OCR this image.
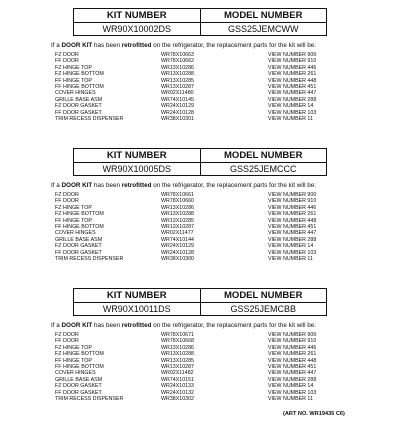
KIT NUMBER	MODEL NUMBER
WR90X10002DS	GSS25JEMCWW
If a DOOR KIT has been retrofitted on the refrigerator, the replacement parts for the kit will be:
FZ DOOR	WR78X10663	VIEW NUMBER 900
FF DOOR	WR78X10662	VIEW NUMBER 910
FZ HINGE TOP	WR13X10286	VIEW NUMBER 446
FZ HINGE BOTTOM	WR13X10288	VIEW NUMBER 261
FF HINGE TOP	WR13X10285	VIEW NUMBER 448
FF HINGE BOTTOM	WR13X10287	VIEW NUMBER 451
COVER HINGES	WR02X11480	VIEW NUMBER 447
GRILLE BASE ASM	WR74X10145	VIEW NUMBER 288
FZ DOOR GASKET	WR24X10129	VIEW NUMBER 14
FF DOOR GASKET	WR24X10128	VIEW NUMBER 103
TRIM RECESS DISPENSER	WR38X10301	VIEW NUMBER 11
KIT NUMBER	MODEL NUMBER
WR90X10005DS	GSS25JEMCCC
If a DOOR KIT has been retrofitted on the refrigerator, the replacement parts for the kit will be:
FZ DOOR	WR78X10661	VIEW NUMBER 900
FF DOOR	WR78X10660	VIEW NUMBER 910
FZ HINGE TOP	WR13X10286	VIEW NUMBER 446
FZ HINGE BOTTOM	WR13X10288	VIEW NUMBER 261
FF HINGE TOP	WR13X10285	VIEW NUMBER 448
FF HINGE BOTTOM	WR13X10287	VIEW NUMBER 451
COVER HINGES	WR02X11477	VIEW NUMBER 447
GRILLE BASE ASM	WR74X10144	VIEW NUMBER 288
FZ DOOR GASKET	WR24X10129	VIEW NUMBER 14
FF DOOR GASKET	WR24X10128	VIEW NUMBER 103
TRIM RECESS DISPENSER	WR38X10300	VIEW NUMBER 11
KIT NUMBER	MODEL NUMBER
WR90X10011DS	GSS25JEMCBB
If a DOOR KIT has been retrofitted on the refrigerator, the replacement parts for the kit will be:
FZ DOOR	WR78X10671	VIEW NUMBER 900
FF DOOR	WR78X10668	VIEW NUMBER 910
FZ HINGE TOP	WR13X10286	VIEW NUMBER 446
FZ HINGE BOTTOM	WR13X10288	VIEW NUMBER 261
FF HINGE TOP	WR13X10285	VIEW NUMBER 448
FF HINGE BOTTOM	WR13X10287	VIEW NUMBER 451
COVER HINGES	WR02X11482	VIEW NUMBER 447
GRILLE BASE ASM	WR74X10151	VIEW NUMBER 288
FZ DOOR GASKET	WR24X10133	VIEW NUMBER 14
FF DOOR GASKET	WR24X10132	VIEW NUMBER 103
TRIM RECESS DISPENSER	WR38X10302	VIEW NUMBER 11
(ART NO. WR19435 C6)
